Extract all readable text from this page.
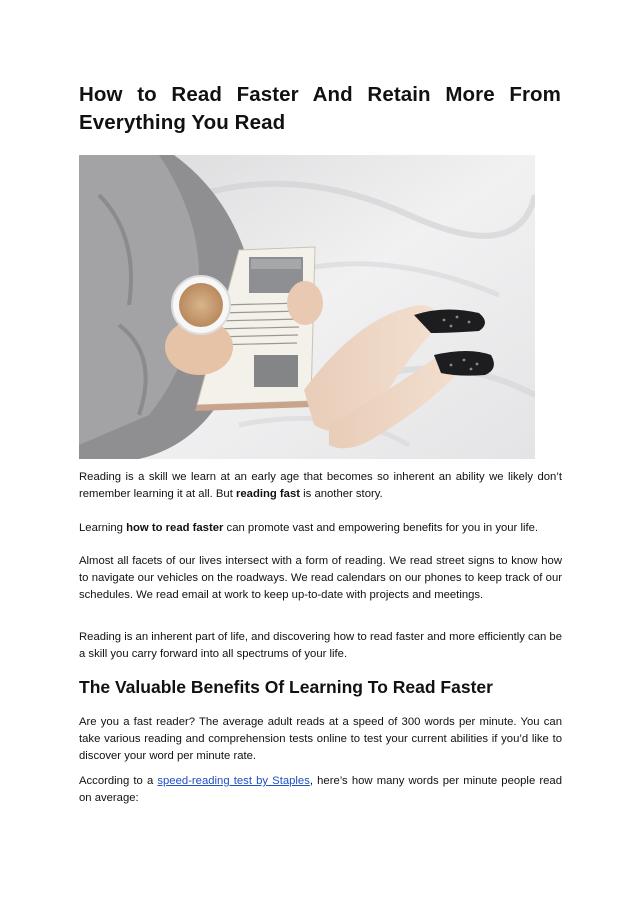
How to Read Faster And Retain More From Everything You Read

Reading is a skill we learn at an early age that becomes so inherent an ability we likely don’t remember learning it at all. But reading fast is another story.

Learning how to read faster can promote vast and empowering benefits for you in your life.

Almost all facets of our lives intersect with a form of reading. We read street signs to know how to navigate our vehicles on the roadways. We read calendars on our phones to keep track of our schedules. We read email at work to keep up-to-date with projects and meetings.

Reading is an inherent part of life, and discovering how to read faster and more efficiently can be a skill you carry forward into all spectrums of your life.

The Valuable Benefits Of Learning To Read Faster

Are you a fast reader? The average adult reads at a speed of 300 words per minute. You can take various reading and comprehension tests online to test your current abilities if you’d like to discover your word per minute rate.

According to a speed-reading test by Staples, here’s how many words per minute people read on average:
